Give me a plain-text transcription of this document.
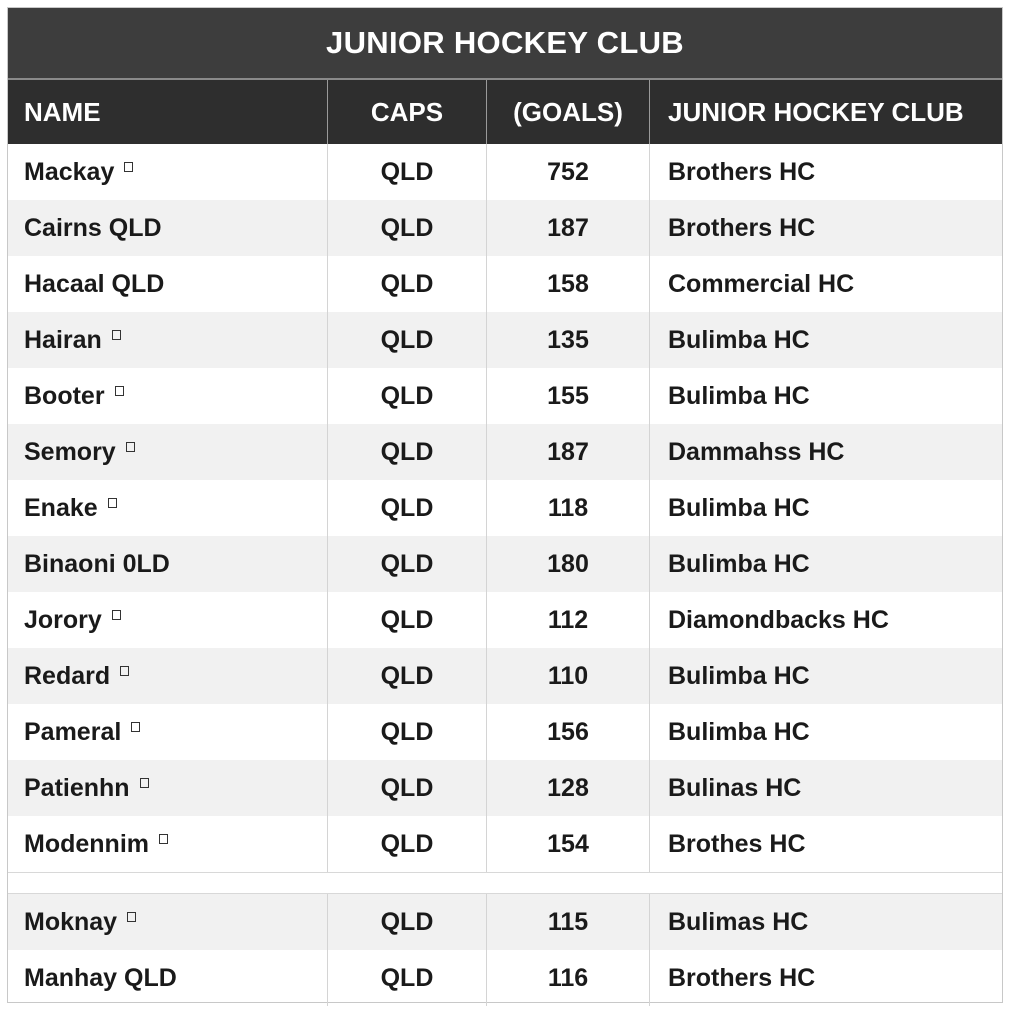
JUNIOR HOCKEY CLUB
NAME	CAPS	(GOALS)	JUNIOR HOCKEY CLUB
Mackay	QLD	752	Brothers HC
Cairns QLD	QLD	187	Brothers HC
Hacaal QLD	QLD	158	Commercial HC
Hairan	QLD	135	Bulimba HC
Booter	QLD	155	Bulimba HC
Semory	QLD	187	Dammahss HC
Enake	QLD	118	Bulimba HC
Binaoni 0LD	QLD	180	Bulimba HC
Jorory	QLD	112	Diamondbacks HC
Redard	QLD	110	Bulimba HC
Pameral	QLD	156	Bulimba HC
Patienhn	QLD	128	Bulinas HC
Modennim	QLD	154	Brothes HC
Moknay	QLD	115	Bulimas HC
Manhay QLD	QLD	116	Brothers HC
